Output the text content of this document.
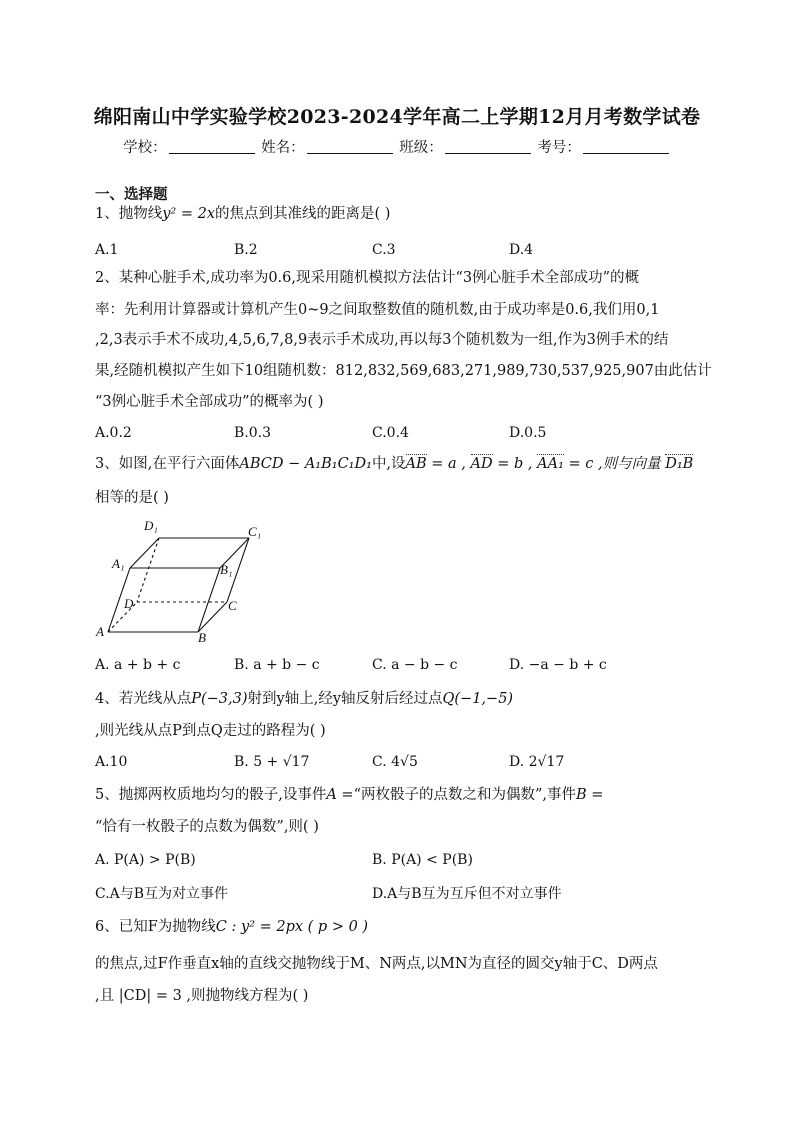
绵阳南山中学实验学校2023-2024学年高二上学期12月月考数学试卷
学校：	姓名：	班级：	考号：
一、选择题
1、抛物线y² = 2x的焦点到其准线的距离是( )
A.1	B.2	C.3	D.4
2、某种心脏手术,成功率为0.6,现采用随机模拟方法估计“3例心脏手术全部成功”的概
率：先利用计算器或计算机产生0~9之间取整数值的随机数,由于成功率是0.6,我们用0,1
,2,3表示手术不成功,4,5,6,7,8,9表示手术成功,再以每3个随机数为一组,作为3例手术的结
果,经随机模拟产生如下10组随机数：812,832,569,683,271,989,730,537,925,907由此估计
“3例心脏手术全部成功”的概率为( )
A.0.2	B.0.3	C.0.4	D.0.5
3、如图,在平行六面体ABCD − A₁B₁C₁D₁中,设AB = a , AD = b , AA₁ = c ,则与向量 D₁B
相等的是( )
D₁	C₁
A₁	B₁
D	C
A	B
A. a + b + c	B. a + b − c	C. a − b − c	D. −a − b + c
4、若光线从点P(−3,3)射到y轴上,经y轴反射后经过点Q(−1,−5)
,则光线从点P到点Q走过的路程为( )
A.10	B. 5 + √17	C. 4√5	D. 2√17
5、抛掷两枚质地均匀的骰子,设事件A =“两枚骰子的点数之和为偶数”,事件B =
“恰有一枚骰子的点数为偶数”,则( )
A. P(A) > P(B)	B. P(A) < P(B)
C.A与B互为对立事件	D.A与B互为互斥但不对立事件
6、已知F为抛物线C : y² = 2px ( p > 0 )
的焦点,过F作垂直x轴的直线交抛物线于M、N两点,以MN为直径的圆交y轴于C、D两点
,且 |CD| = 3 ,则抛物线方程为( )
